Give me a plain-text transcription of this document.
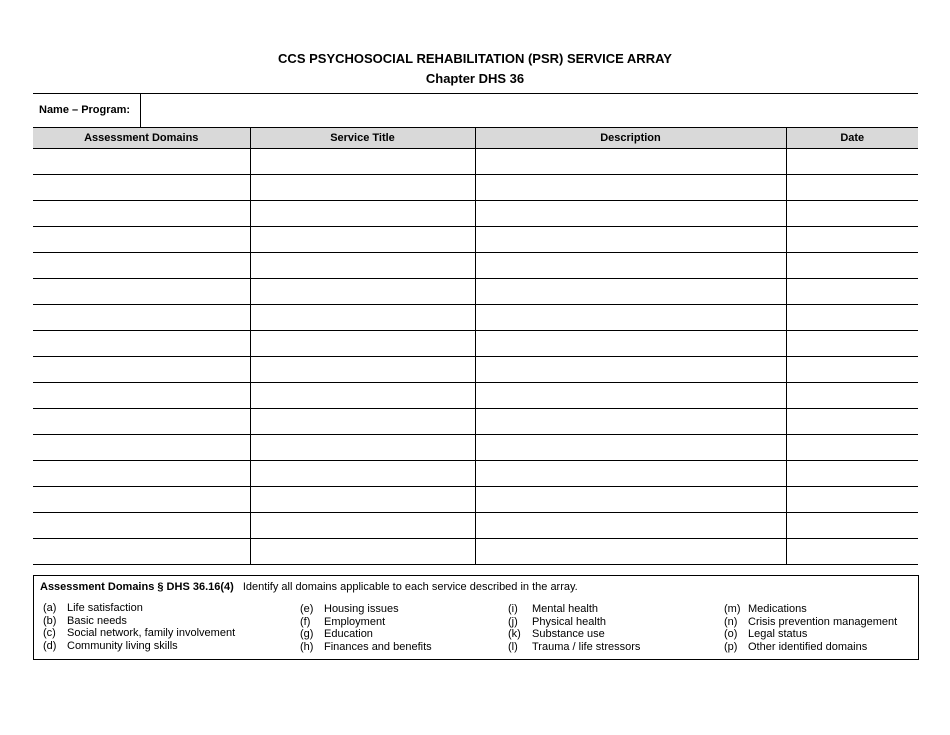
CCS PSYCHOSOCIAL REHABILITATION (PSR) SERVICE ARRAY
Chapter DHS 36
Name – Program:
Assessment Domains	Service Title	Description	Date

Assessment Domains § DHS 36.16(4) Identify all domains applicable to each service described in the array.
(a) Life satisfaction
(b) Basic needs
(c) Social network, family involvement
(d) Community living skills
(e) Housing issues
(f) Employment
(g) Education
(h) Finances and benefits
(i) Mental health
(j) Physical health
(k) Substance use
(l) Trauma / life stressors
(m) Medications
(n) Crisis prevention management
(o) Legal status
(p) Other identified domains
